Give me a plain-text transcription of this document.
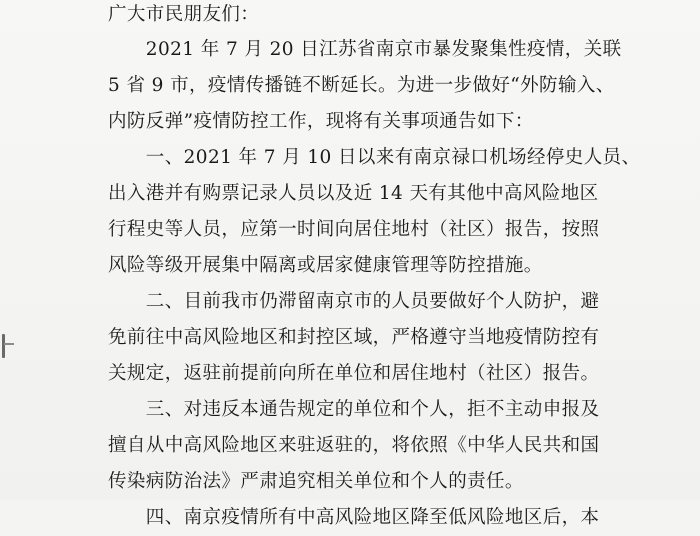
广大市民朋友们：
　　2021 年 7 月 20 日江苏省南京市暴发聚集性疫情，关联
5 省 9 市，疫情传播链不断延长。为进一步做好“外防输入、
内防反弹”疫情防控工作，现将有关事项通告如下：
　　一、2021 年 7 月 10 日以来有南京禄口机场经停史人员、
出入港并有购票记录人员以及近 14 天有其他中高风险地区
行程史等人员，应第一时间向居住地村（社区）报告，按照
风险等级开展集中隔离或居家健康管理等防控措施。
　　二、目前我市仍滞留南京市的人员要做好个人防护，避
免前往中高风险地区和封控区域，严格遵守当地疫情防控有
关规定，返驻前提前向所在单位和居住地村（社区）报告。
　　三、对违反本通告规定的单位和个人，拒不主动申报及
擅自从中高风险地区来驻返驻的，将依照《中华人民共和国
传染病防治法》严肃追究相关单位和个人的责任。
　　四、南京疫情所有中高风险地区降至低风险地区后，本
